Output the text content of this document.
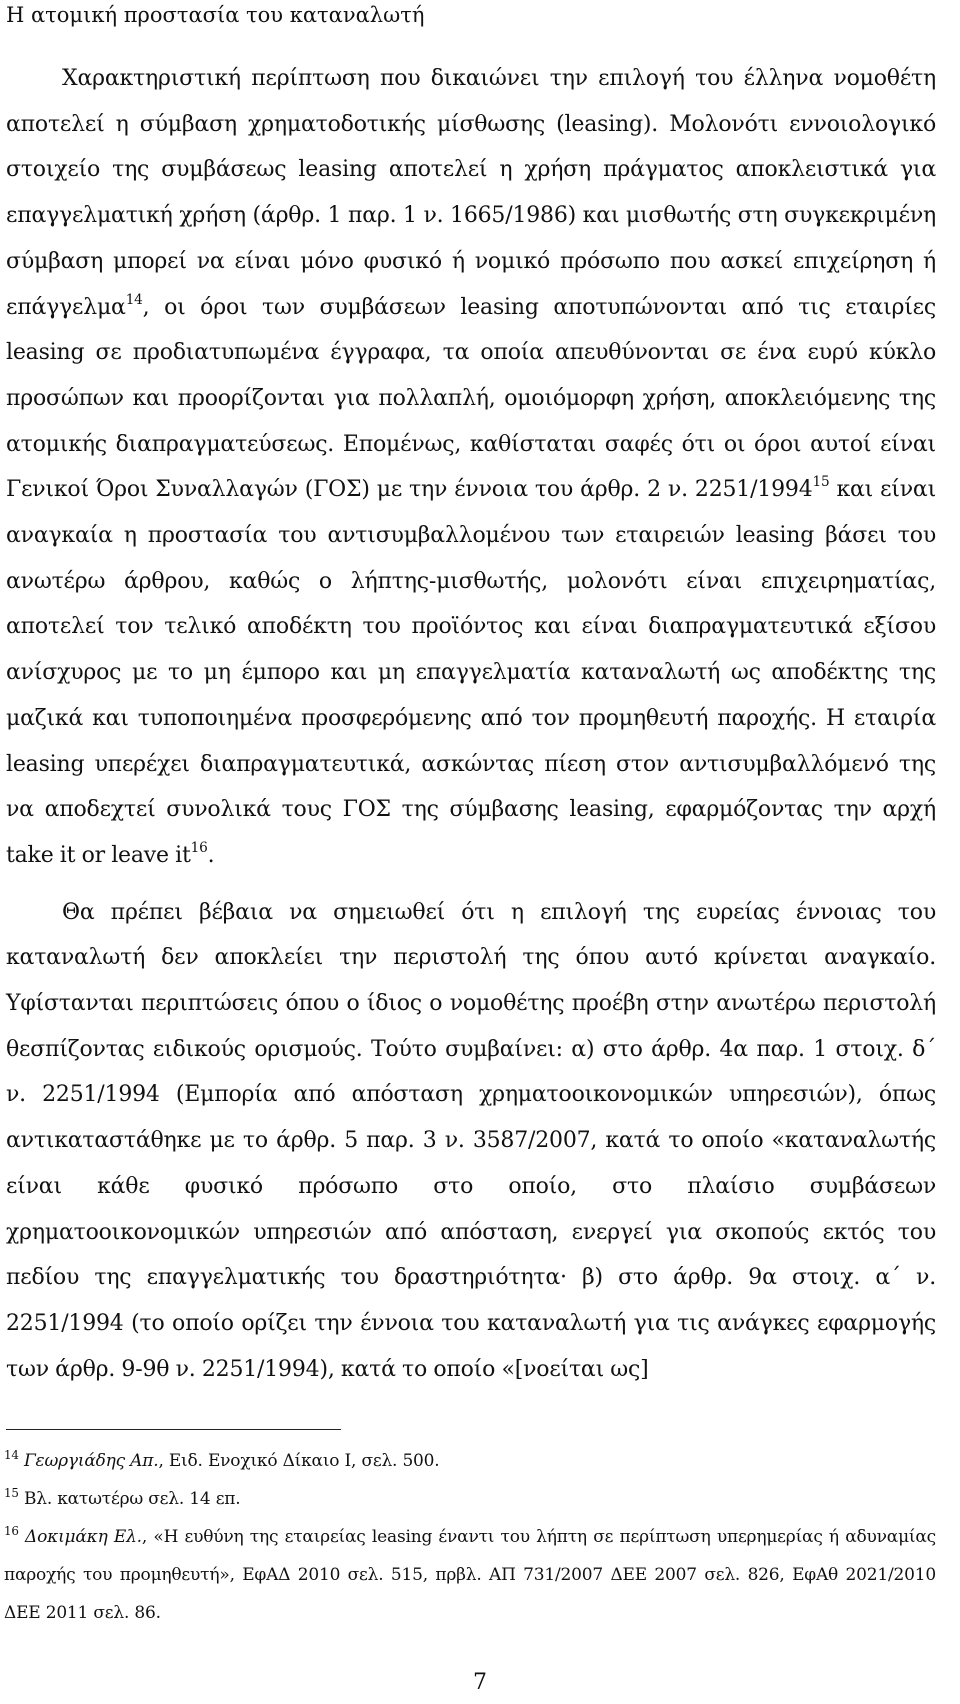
Η ατομική προστασία του καταναλωτή

Χαρακτηριστική περίπτωση που δικαιώνει την επιλογή του έλληνα νομοθέτη αποτελεί η σύμβαση χρηματοδοτικής μίσθωσης (leasing). Μολονότι εννοιολογικό στοιχείο της συμβάσεως leasing αποτελεί η χρήση πράγματος αποκλειστικά για επαγγελματική χρήση (άρθρ. 1 παρ. 1 ν. 1665/1986) και μισθωτής στη συγκεκριμένη σύμβαση μπορεί να είναι μόνο φυσικό ή νομικό πρόσωπο που ασκεί επιχείρηση ή επάγγελμα$^{14}$, οι όροι των συμβάσεων leasing αποτυπώνονται από τις εταιρίες leasing σε προδιατυπωμένα έγγραφα, τα οποία απευθύνονται σε ένα ευρύ κύκλο προσώπων και προορίζονται για πολλαπλή, ομοιόμορφη χρήση, αποκλειόμενης της ατομικής διαπραγματεύσεως. Επομένως, καθίσταται σαφές ότι οι όροι αυτοί είναι Γενικοί Όροι Συναλλαγών (ΓΟΣ) με την έννοια του άρθρ. 2 ν. 2251/1994$^{15}$ και είναι αναγκαία η προστασία του αντισυμβαλλομένου των εταιρειών leasing βάσει του ανωτέρω άρθρου, καθώς ο λήπτης-μισθωτής, μολονότι είναι επιχειρηματίας, αποτελεί τον τελικό αποδέκτη του προϊόντος και είναι διαπραγματευτικά εξίσου ανίσχυρος με το μη έμπορο και μη επαγγελματία καταναλωτή ως αποδέκτης της μαζικά και τυποποιημένα προσφερόμενης από τον προμηθευτή παροχής. Η εταιρία leasing υπερέχει διαπραγματευτικά, ασκώντας πίεση στον αντισυμβαλλόμενό της να αποδεχτεί συνολικά τους ΓΟΣ της σύμβασης leasing, εφαρμόζοντας την αρχή take it or leave $it^{16}$.

Θα πρέπει βέβαια να σημειωθεί ότι η επιλογή της ευρείας έννοιας του καταναλωτή δεν αποκλείει την περιστολή της όπου αυτό κρίνεται αναγκαίο. Υφίστανται περιπτώσεις όπου ο ίδιος ο νομοθέτης προέβη στην ανωτέρω περιστολή θεσπίζοντας ειδικούς ορισμούς. Τούτο συμβαίνει: α) στο άρθρ. 4α παρ. 1 στοιχ. δ΄ ν. 2251/1994 (Εμπορία από απόσταση χρηματοοικονομικών υπηρεσιών), όπως αντικαταστάθηκε με το άρθρ. 5 παρ. 3 ν. 3587/2007, κατά το οποίο «καταναλωτής είναι κάθε φυσικό πρόσωπο στο οποίο, στο πλαίσιο συμβάσεων χρηματοοικονομικών υπηρεσιών από απόσταση, ενεργεί για σκοπούς εκτός του πεδίου της επαγγελματικής του δραστηριότητα· β) στο άρθρ. 9α στοιχ. α΄ ν. 2251/1994 (το οποίο ορίζει την έννοια του καταναλωτή για τις ανάγκες εφαρμογής των άρθρ. 9-9θ ν. 2251/1994), κατά το οποίο «[νοείται ως]

$^{14}$ Γεωργιάδης Απ., Ειδ. Ενοχικό Δίκαιο Ι, σελ. 500.

$^{15}$ Βλ. κατωτέρω σελ. 14 επ.

$^{16}$ Δοκιμάκη Ελ., «Η ευθύνη της εταιρείας leasing έναντι του λήπτη σε περίπτωση υπερημερίας ή αδυναμίας παροχής του προμηθευτή», ΕφΑΔ 2010 σελ. 515, πρβλ. ΑΠ 731/2007 ΔΕΕ 2007 σελ. 826, ΕφΑθ 2021/2010 ΔΕΕ 2011 σελ. 86.

7
